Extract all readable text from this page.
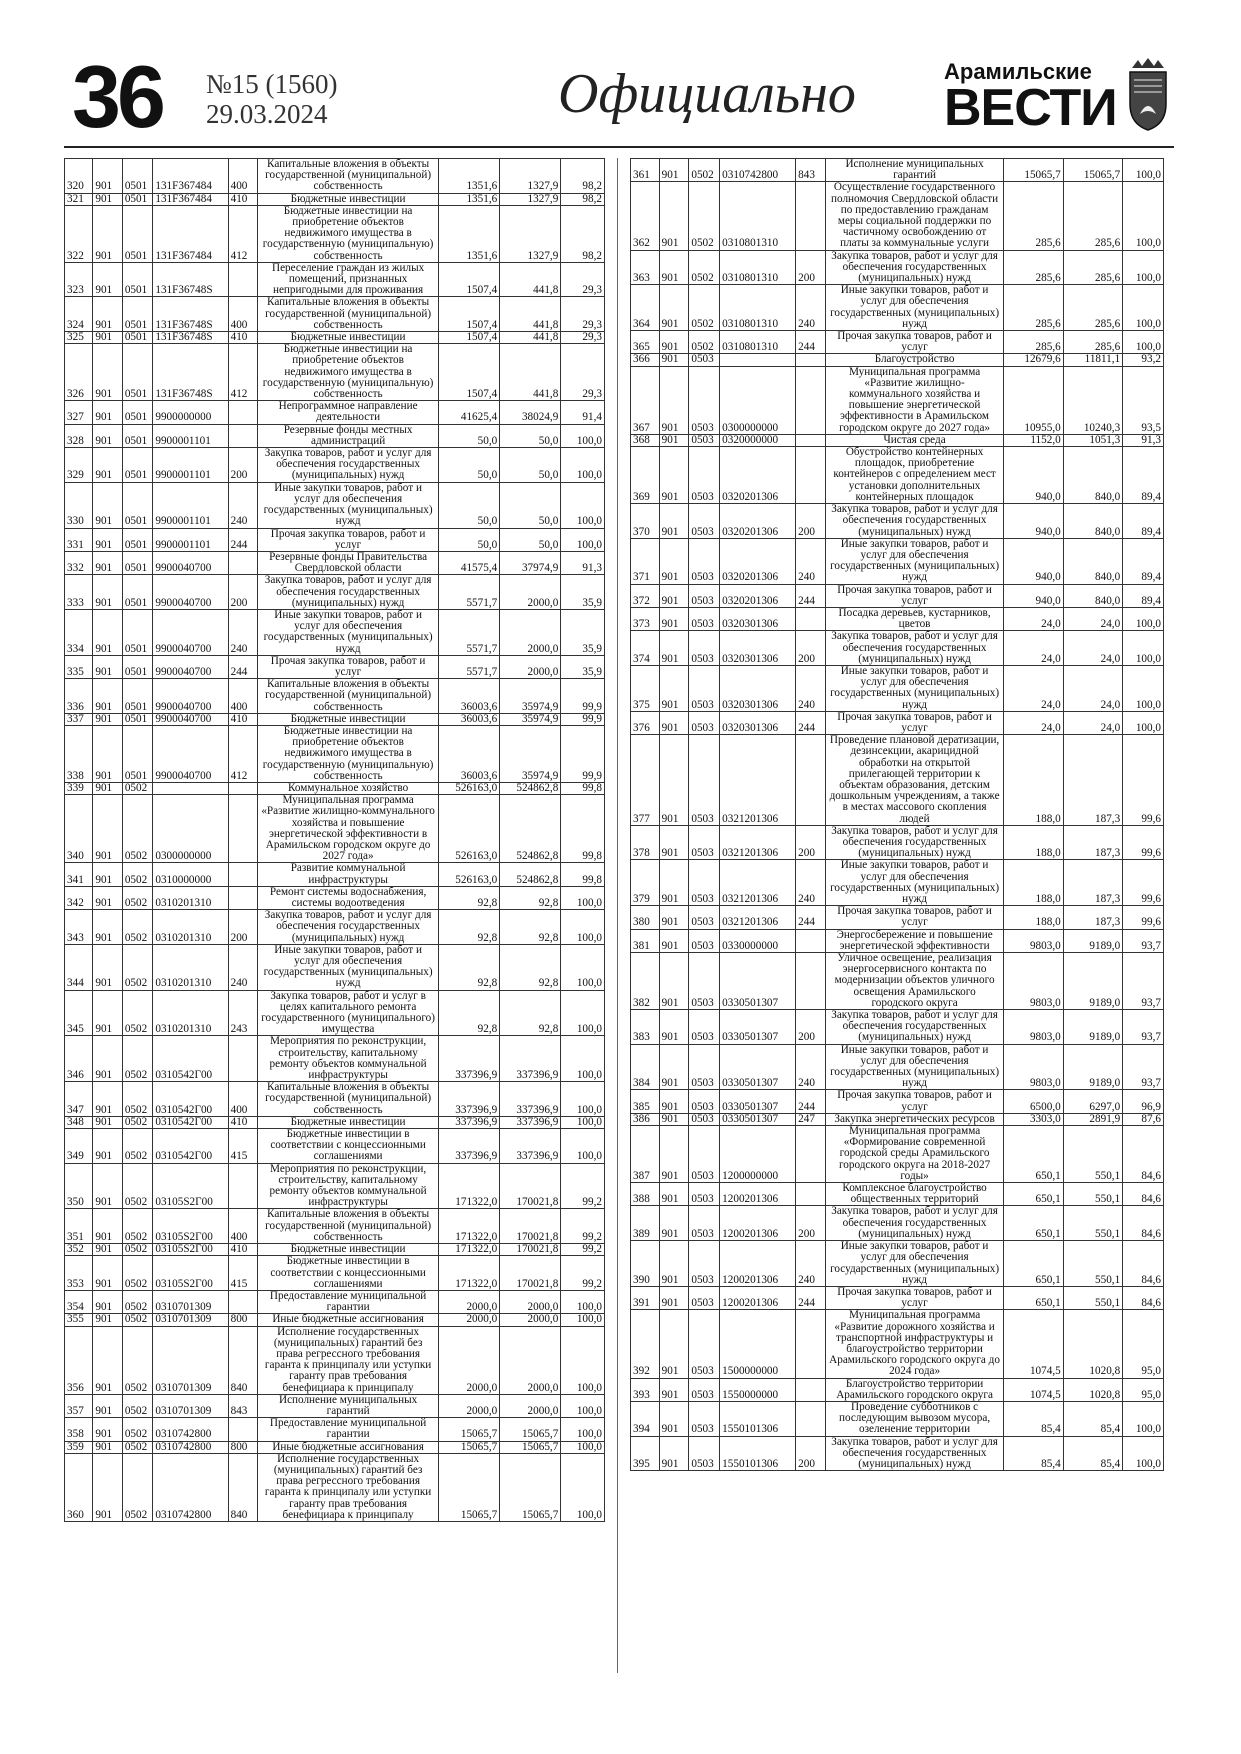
36 №15 (1560)
29.03.2024	Официально	Арамильские
ВЕСТИ
320	901	0501	131F367484	400	Капитальные вложения в объекты государственной (муниципальной) собственность	1351,6	1327,9	98,2
321	901	0501	131F367484	410	Бюджетные инвестиции	1351,6	1327,9	98,2
322	901	0501	131F367484	412	Бюджетные инвестиции на приобретение объектов недвижимого имущества в государственную (муниципальную) собственность	1351,6	1327,9	98,2
323	901	0501	131F36748S		Переселение граждан из жилых помещений, признанных непригодными для проживания	1507,4	441,8	29,3
324	901	0501	131F36748S	400	Капитальные вложения в объекты государственной (муниципальной) собственность	1507,4	441,8	29,3
325	901	0501	131F36748S	410	Бюджетные инвестиции	1507,4	441,8	29,3
326	901	0501	131F36748S	412	Бюджетные инвестиции на приобретение объектов недвижимого имущества в государственную (муниципальную) собственность	1507,4	441,8	29,3
327	901	0501	9900000000		Непрограммное направление деятельности	41625,4	38024,9	91,4
328	901	0501	9900001101		Резервные фонды местных администраций	50,0	50,0	100,0
329	901	0501	9900001101	200	Закупка товаров, работ и услуг для обеспечения государственных (муниципальных) нужд	50,0	50,0	100,0
330	901	0501	9900001101	240	Иные закупки товаров, работ и услуг для обеспечения государственных (муниципальных) нужд	50,0	50,0	100,0
331	901	0501	9900001101	244	Прочая закупка товаров, работ и услуг	50,0	50,0	100,0
332	901	0501	9900040700		Резервные фонды Правительства Свердловской области	41575,4	37974,9	91,3
333	901	0501	9900040700	200	Закупка товаров, работ и услуг для обеспечения государственных (муниципальных) нужд	5571,7	2000,0	35,9
334	901	0501	9900040700	240	Иные закупки товаров, работ и услуг для обеспечения государственных (муниципальных) нужд	5571,7	2000,0	35,9
335	901	0501	9900040700	244	Прочая закупка товаров, работ и услуг	5571,7	2000,0	35,9
336	901	0501	9900040700	400	Капитальные вложения в объекты государственной (муниципальной) собственность	36003,6	35974,9	99,9
337	901	0501	9900040700	410	Бюджетные инвестиции	36003,6	35974,9	99,9
338	901	0501	9900040700	412	Бюджетные инвестиции на приобретение объектов недвижимого имущества в государственную (муниципальную) собственность	36003,6	35974,9	99,9
339	901	0502			Коммунальное хозяйство	526163,0	524862,8	99,8
340	901	0502	0300000000		Муниципальная программа «Развитие жилищно-коммунального хозяйства и повышение энергетической эффективности в Арамильском городском округе до 2027 года»	526163,0	524862,8	99,8
341	901	0502	0310000000		Развитие коммунальной инфраструктуры	526163,0	524862,8	99,8
342	901	0502	0310201310		Ремонт системы водоснабжения, системы водоотведения	92,8	92,8	100,0
343	901	0502	0310201310	200	Закупка товаров, работ и услуг для обеспечения государственных (муниципальных) нужд	92,8	92,8	100,0
344	901	0502	0310201310	240	Иные закупки товаров, работ и услуг для обеспечения государственных (муниципальных) нужд	92,8	92,8	100,0
345	901	0502	0310201310	243	Закупка товаров, работ и услуг в целях капитального ремонта государственного (муниципального) имущества	92,8	92,8	100,0
346	901	0502	0310542Г00		Мероприятия по реконструкции, строительству, капитальному ремонту объектов коммунальной инфраструктуры	337396,9	337396,9	100,0
347	901	0502	0310542Г00	400	Капитальные вложения в объекты государственной (муниципальной) собственность	337396,9	337396,9	100,0
348	901	0502	0310542Г00	410	Бюджетные инвестиции	337396,9	337396,9	100,0
349	901	0502	0310542Г00	415	Бюджетные инвестиции в соответствии с концессионными соглашениями	337396,9	337396,9	100,0
350	901	0502	03105S2Г00		Мероприятия по реконструкции, строительству, капитальному ремонту объектов коммунальной инфраструктуры	171322,0	170021,8	99,2
351	901	0502	03105S2Г00	400	Капитальные вложения в объекты государственной (муниципальной) собственность	171322,0	170021,8	99,2
352	901	0502	03105S2Г00	410	Бюджетные инвестиции	171322,0	170021,8	99,2
353	901	0502	03105S2Г00	415	Бюджетные инвестиции в соответствии с концессионными соглашениями	171322,0	170021,8	99,2
354	901	0502	0310701309		Предоставление муниципальной гарантии	2000,0	2000,0	100,0
355	901	0502	0310701309	800	Иные бюджетные ассигнования	2000,0	2000,0	100,0
356	901	0502	0310701309	840	Исполнение государственных (муниципальных) гарантий без права регрессного требования гаранта к принципалу или уступки гаранту прав требования бенефициара к принципалу	2000,0	2000,0	100,0
357	901	0502	0310701309	843	Исполнение муниципальных гарантий	2000,0	2000,0	100,0
358	901	0502	0310742800		Предоставление муниципальной гарантии	15065,7	15065,7	100,0
359	901	0502	0310742800	800	Иные бюджетные ассигнования	15065,7	15065,7	100,0
360	901	0502	0310742800	840	Исполнение государственных (муниципальных) гарантий без права регрессного требования гаранта к принципалу или уступки гаранту прав требования бенефициара к принципалу	15065,7	15065,7	100,0
361	901	0502	0310742800	843	Исполнение муниципальных гарантий	15065,7	15065,7	100,0
362	901	0502	0310801310		Осуществление государственного полномочия Свердловской области по предоставлению гражданам меры социальной поддержки по частичному освобождению от платы за коммунальные услуги	285,6	285,6	100,0
363	901	0502	0310801310	200	Закупка товаров, работ и услуг для обеспечения государственных (муниципальных) нужд	285,6	285,6	100,0
364	901	0502	0310801310	240	Иные закупки товаров, работ и услуг для обеспечения государственных (муниципальных) нужд	285,6	285,6	100,0
365	901	0502	0310801310	244	Прочая закупка товаров, работ и услуг	285,6	285,6	100,0
366	901	0503			Благоустройство	12679,6	11811,1	93,2
367	901	0503	0300000000		Муниципальная программа «Развитие жилищно-коммунального хозяйства и повышение энергетической эффективности в Арамильском городском округе до 2027 года»	10955,0	10240,3	93,5
368	901	0503	0320000000		Чистая среда	1152,0	1051,3	91,3
369	901	0503	0320201306		Обустройство контейнерных площадок, приобретение контейнеров с определением мест установки дополнительных контейнерных площадок	940,0	840,0	89,4
370	901	0503	0320201306	200	Закупка товаров, работ и услуг для обеспечения государственных (муниципальных) нужд	940,0	840,0	89,4
371	901	0503	0320201306	240	Иные закупки товаров, работ и услуг для обеспечения государственных (муниципальных) нужд	940,0	840,0	89,4
372	901	0503	0320201306	244	Прочая закупка товаров, работ и услуг	940,0	840,0	89,4
373	901	0503	0320301306		Посадка деревьев, кустарников, цветов	24,0	24,0	100,0
374	901	0503	0320301306	200	Закупка товаров, работ и услуг для обеспечения государственных (муниципальных) нужд	24,0	24,0	100,0
375	901	0503	0320301306	240	Иные закупки товаров, работ и услуг для обеспечения государственных (муниципальных) нужд	24,0	24,0	100,0
376	901	0503	0320301306	244	Прочая закупка товаров, работ и услуг	24,0	24,0	100,0
377	901	0503	0321201306		Проведение плановой дератизации, дезинсекции, акарицидной обработки на открытой прилегающей территории к объектам образования, детским дошкольным учреждениям, а также в местах массового скопления людей	188,0	187,3	99,6
378	901	0503	0321201306	200	Закупка товаров, работ и услуг для обеспечения государственных (муниципальных) нужд	188,0	187,3	99,6
379	901	0503	0321201306	240	Иные закупки товаров, работ и услуг для обеспечения государственных (муниципальных) нужд	188,0	187,3	99,6
380	901	0503	0321201306	244	Прочая закупка товаров, работ и услуг	188,0	187,3	99,6
381	901	0503	0330000000		Энергосбережение и повышение энергетической эффективности	9803,0	9189,0	93,7
382	901	0503	0330501307		Уличное освещение, реализация энергосервисного контакта по модернизации объектов уличного освещения Арамильского городского округа	9803,0	9189,0	93,7
383	901	0503	0330501307	200	Закупка товаров, работ и услуг для обеспечения государственных (муниципальных) нужд	9803,0	9189,0	93,7
384	901	0503	0330501307	240	Иные закупки товаров, работ и услуг для обеспечения государственных (муниципальных) нужд	9803,0	9189,0	93,7
385	901	0503	0330501307	244	Прочая закупка товаров, работ и услуг	6500,0	6297,0	96,9
386	901	0503	0330501307	247	Закупка энергетических ресурсов	3303,0	2891,9	87,6
387	901	0503	1200000000		Муниципальная программа «Формирование современной городской среды Арамильского городского округа на 2018-2027 годы»	650,1	550,1	84,6
388	901	0503	1200201306		Комплексное благоустройство общественных территорий	650,1	550,1	84,6
389	901	0503	1200201306	200	Закупка товаров, работ и услуг для обеспечения государственных (муниципальных) нужд	650,1	550,1	84,6
390	901	0503	1200201306	240	Иные закупки товаров, работ и услуг для обеспечения государственных (муниципальных) нужд	650,1	550,1	84,6
391	901	0503	1200201306	244	Прочая закупка товаров, работ и услуг	650,1	550,1	84,6
392	901	0503	1500000000		Муниципальная программа «Развитие дорожного хозяйства и транспортной инфраструктуры и благоустройство территории Арамильского городского округа до 2024 года»	1074,5	1020,8	95,0
393	901	0503	1550000000		Благоустройство территории Арамильского городского округа	1074,5	1020,8	95,0
394	901	0503	1550101306		Проведение субботников с последующим вывозом мусора, озеленение территории	85,4	85,4	100,0
395	901	0503	1550101306	200	Закупка товаров, работ и услуг для обеспечения государственных (муниципальных) нужд	85,4	85,4	100,0
